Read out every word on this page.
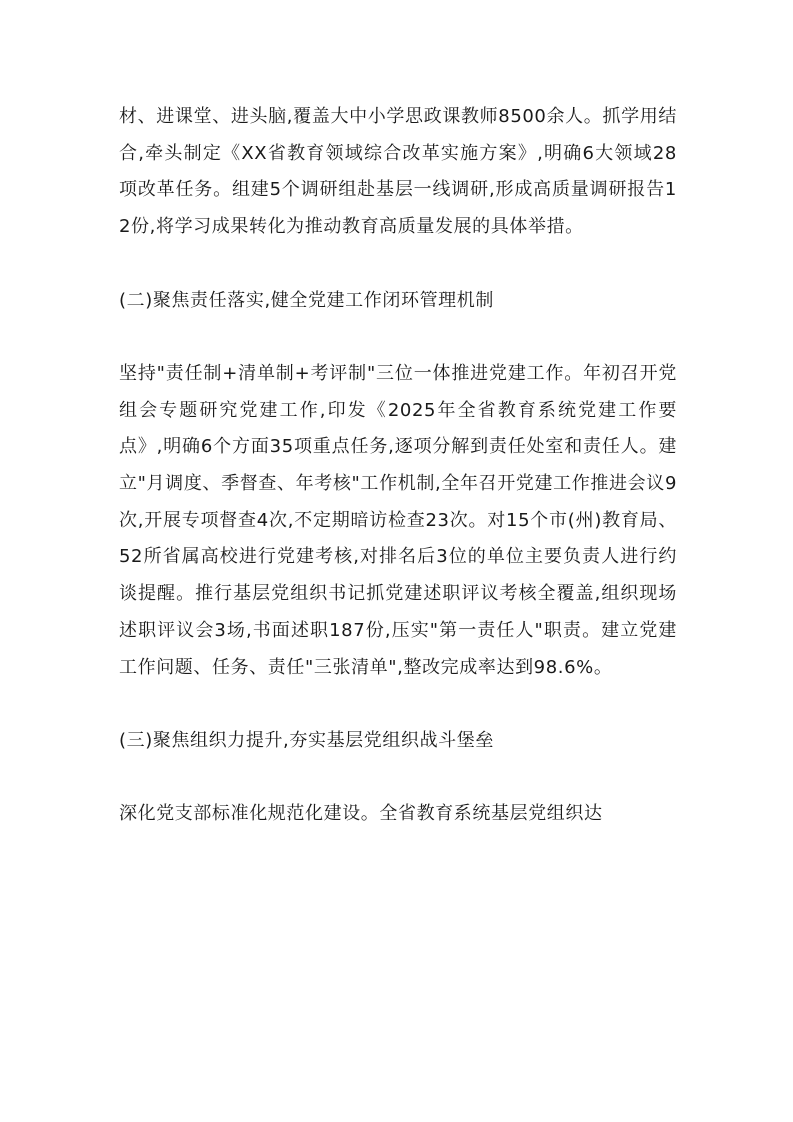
材、进课堂、进头脑,覆盖大中小学思政课教师8500余人。抓学用结合,牵头制定《XX省教育领域综合改革实施方案》,明确6大领域28项改革任务。组建5个调研组赴基层一线调研,形成高质量调研报告12份,将学习成果转化为推动教育高质量发展的具体举措。

(二)聚焦责任落实,健全党建工作闭环管理机制

坚持"责任制+清单制+考评制"三位一体推进党建工作。年初召开党组会专题研究党建工作,印发《2025年全省教育系统党建工作要点》,明确6个方面35项重点任务,逐项分解到责任处室和责任人。建立"月调度、季督查、年考核"工作机制,全年召开党建工作推进会议9次,开展专项督查4次,不定期暗访检查23次。对15个市(州)教育局、52所省属高校进行党建考核,对排名后3位的单位主要负责人进行约谈提醒。推行基层党组织书记抓党建述职评议考核全覆盖,组织现场述职评议会3场,书面述职187份,压实"第一责任人"职责。建立党建工作问题、任务、责任"三张清单",整改完成率达到98.6%。

(三)聚焦组织力提升,夯实基层党组织战斗堡垒

深化党支部标准化规范化建设。全省教育系统基层党组织达
